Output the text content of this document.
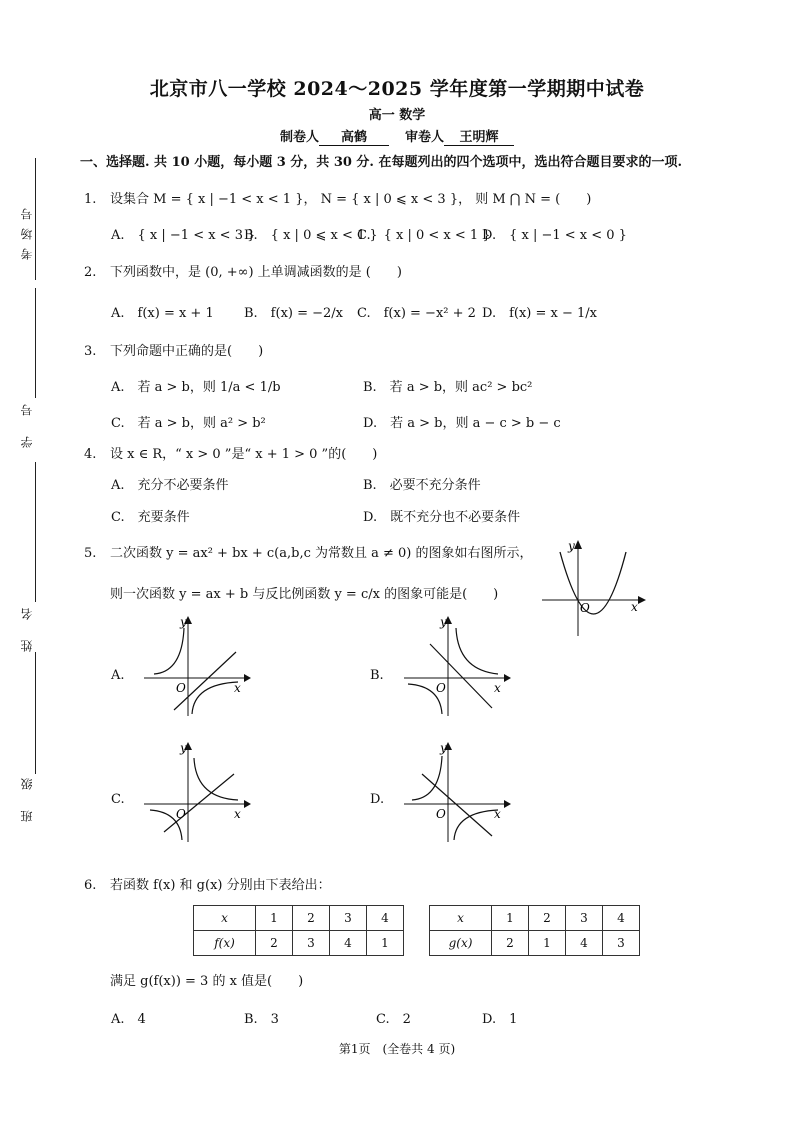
考场号
学 号
姓 名
班 级
北京市八一学校 2024～2025 学年度第一学期期中试卷
高一 数学
制卷人 高鹤	审卷人 王明辉
一、选择题. 共 10 小题，每小题 3 分，共 30 分. 在每题列出的四个选项中，选出符合题目要求的一项.
1. 设集合 M = { x | −1 < x < 1 }， N = { x | 0 ⩽ x < 3 }， 则 M ⋂ N = (　　)
A.　{ x | −1 < x < 3 }
B.　{ x | 0 ⩽ x < 1 }
C.　{ x | 0 < x < 1 }
D.　{ x | −1 < x < 0 }
2. 下列函数中，是 (0, +∞) 上单调减函数的是 (　　)
A.　f(x) = x + 1 B.　f(x) = −2/x C.　f(x) = −x² + 2 D.　f(x) = x − 1/x
3. 下列命题中正确的是(　　)
A.　若 a > b，则 1/a < 1/b	B.　若 a > b，则 ac² > bc²
C.　若 a > b，则 a² > b²	D.　若 a > b，则 a − c > b − c
4. 设 x ∈ R，“ x > 0 ”是“ x + 1 > 0 ”的(　　)
A.　充分不必要条件	B.　必要不充分条件
C.　充要条件	D.　既不充分也不必要条件
5. 二次函数 y = ax² + bx + c(a,b,c 为常数且 a ≠ 0) 的图象如右图所示，
则一次函数 y = ax + b 与反比例函数 y = c/x 的图象可能是(　　)
y
O	x
A.
y
O	x
B.
y
O	x
C.
y
O	x
D.
y
O	x
6. 若函数 f(x) 和 g(x) 分别由下表给出：
x	1	2	3	4
f(x)	2	3	4	1
x	1	2	3	4
g(x)	2	1	4	3
满足 g(f(x)) = 3 的 x 值是(　　)
A.　4	B.　3	C.　2	D.　1
第1页　(全卷共 4 页)
